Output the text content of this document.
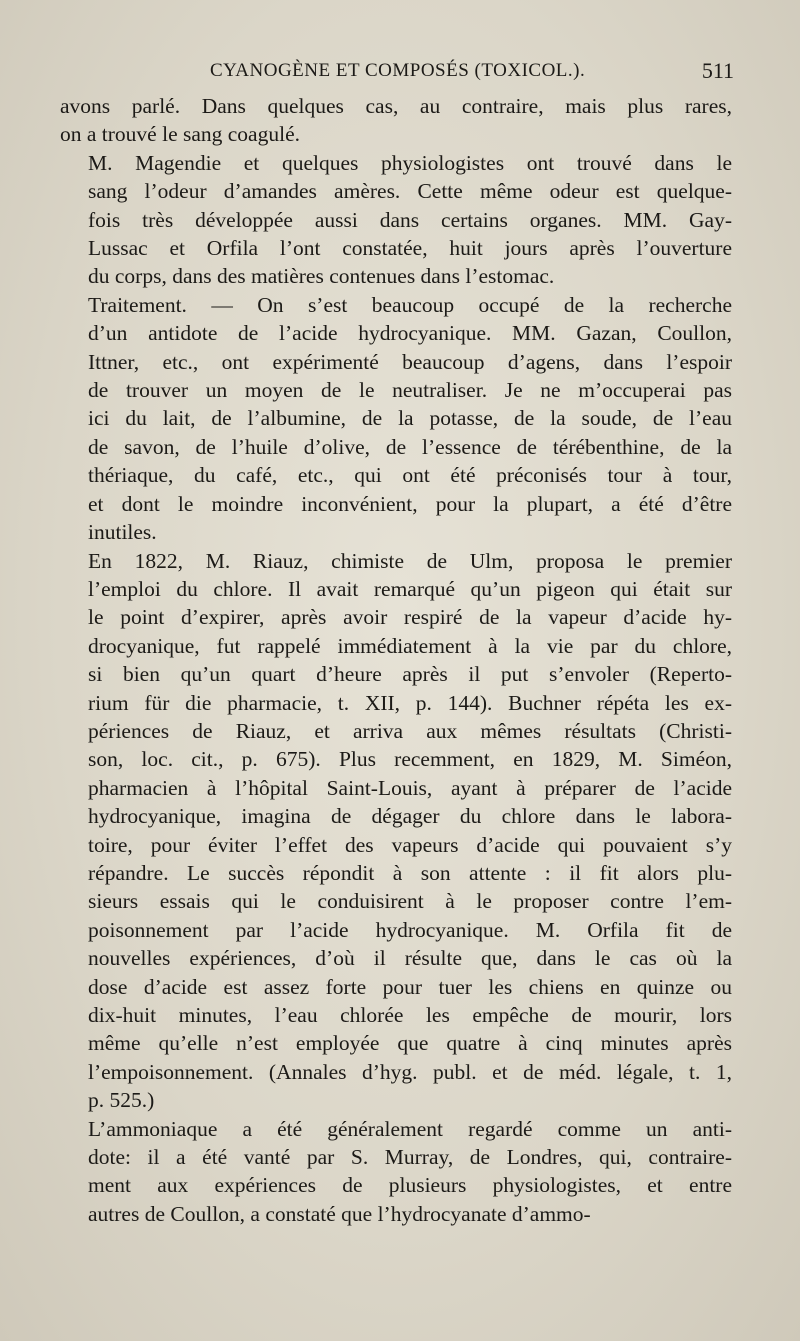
CYANOGÈNE ET COMPOSÉS (TOXICOL.).	511

avons parlé. Dans quelques cas, au contraire, mais plus rares,
on a trouvé le sang coagulé.

M. Magendie et quelques physiologistes ont trouvé dans le
sang l’odeur d’amandes amères. Cette même odeur est quelque-
fois très développée aussi dans certains organes. MM. Gay-
Lussac et Orfila l’ont constatée, huit jours après l’ouverture
du corps, dans des matières contenues dans l’estomac.

Traitement. — On s’est beaucoup occupé de la recherche
d’un antidote de l’acide hydrocyanique. MM. Gazan, Coullon,
Ittner, etc., ont expérimenté beaucoup d’agens, dans l’espoir
de trouver un moyen de le neutraliser. Je ne m’occuperai pas
ici du lait, de l’albumine, de la potasse, de la soude, de l’eau
de savon, de l’huile d’olive, de l’essence de térébenthine, de la
thériaque, du café, etc., qui ont été préconisés tour à tour,
et dont le moindre inconvénient, pour la plupart, a été d’être
inutiles.

En 1822, M. Riauz, chimiste de Ulm, proposa le premier
l’emploi du chlore. Il avait remarqué qu’un pigeon qui était sur
le point d’expirer, après avoir respiré de la vapeur d’acide hy-
drocyanique, fut rappelé immédiatement à la vie par du chlore,
si bien qu’un quart d’heure après il put s’envoler (Reperto-
rium für die pharmacie, t. XII, p. 144). Buchner répéta les ex-
périences de Riauz, et arriva aux mêmes résultats (Christi-
son, loc. cit., p. 675). Plus recemment, en 1829, M. Siméon,
pharmacien à l’hôpital Saint-Louis, ayant à préparer de l’acide
hydrocyanique, imagina de dégager du chlore dans le labora-
toire, pour éviter l’effet des vapeurs d’acide qui pouvaient s’y
répandre. Le succès répondit à son attente : il fit alors plu-
sieurs essais qui le conduisirent à le proposer contre l’em-
poisonnement par l’acide hydrocyanique. M. Orfila fit de
nouvelles expériences, d’où il résulte que, dans le cas où la
dose d’acide est assez forte pour tuer les chiens en quinze ou
dix-huit minutes, l’eau chlorée les empêche de mourir, lors
même qu’elle n’est employée que quatre à cinq minutes après
l’empoisonnement. (Annales d’hyg. publ. et de méd. légale, t. 1,
p. 525.)

L’ammoniaque a été généralement regardé comme un anti-
dote: il a été vanté par S. Murray, de Londres, qui, contraire-
ment aux expériences de plusieurs physiologistes, et entre
autres de Coullon, a constaté que l’hydrocyanate d’ammo-
